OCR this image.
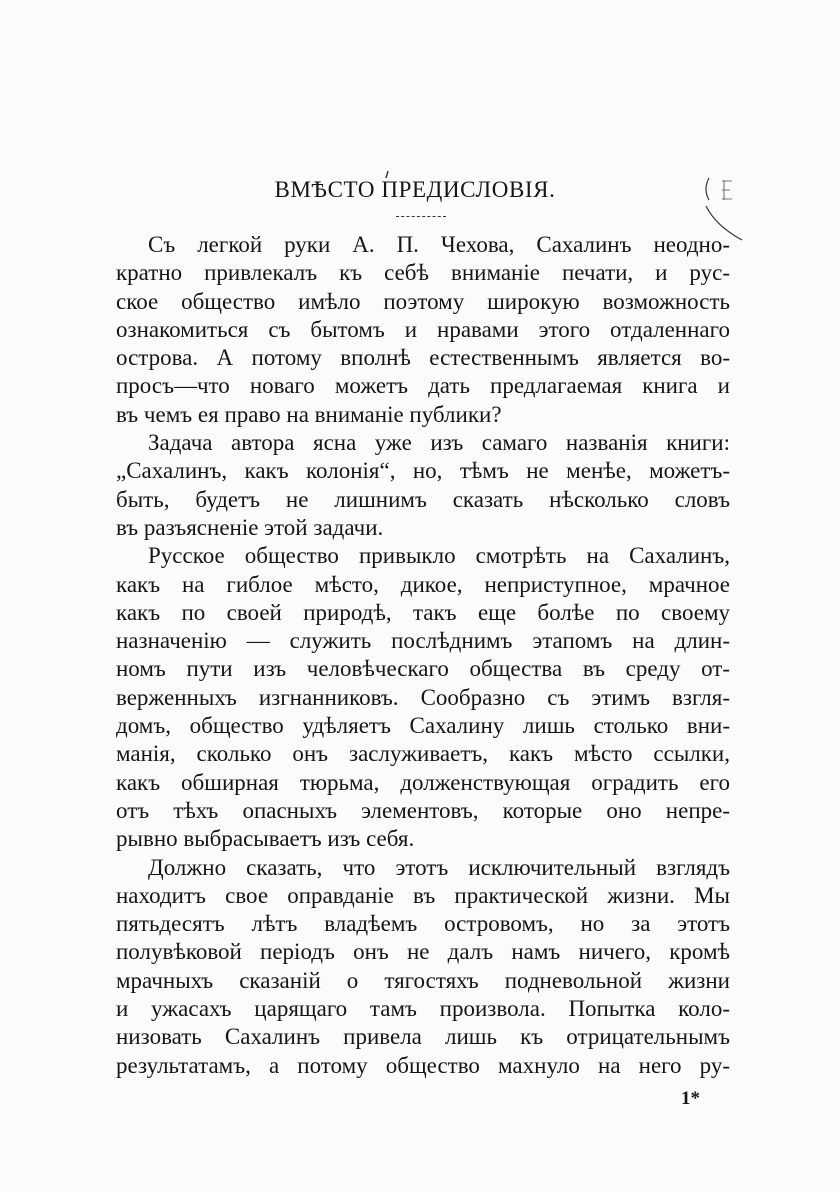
ВМѢСТО ПРЕДИСЛОВІЯ.
Съ легкой руки А. П. Чехова, Сахалинъ неодно-
кратно привлекалъ къ себѣ вниманіе печати, и рус-
ское общество имѣло поэтому широкую возможность
ознакомиться съ бытомъ и нравами этого отдаленнаго
острова. А потому вполнѣ естественнымъ является во-
просъ—что новаго можетъ дать предлагаемая книга и
въ чемъ ея право на вниманіе публики?
Задача автора ясна уже изъ самаго названія книги:
„Сахалинъ, какъ колонія“, но, тѣмъ не менѣе, можетъ-
быть, будетъ не лишнимъ сказать нѣсколько словъ
въ разъясненіе этой задачи.
Русское общество привыкло смотрѣть на Сахалинъ,
какъ на гиблое мѣсто, дикое, неприступное, мрачное
какъ по своей природѣ, такъ еще болѣе по своему
назначенію — служить послѣднимъ этапомъ на длин-
номъ пути изъ человѣческаго общества въ среду от-
верженныхъ изгнанниковъ. Сообразно съ этимъ взгля-
домъ, общество удѣляетъ Сахалину лишь столько вни-
манія, сколько онъ заслуживаетъ, какъ мѣсто ссылки,
какъ обширная тюрьма, долженствующая оградить его
отъ тѣхъ опасныхъ элементовъ, которые оно непре-
рывно выбрасываетъ изъ себя.
Должно сказать, что этотъ исключительный взглядъ
находитъ свое оправданіе въ практической жизни. Мы
пятьдесятъ лѣтъ владѣемъ островомъ, но за этотъ
полувѣковой періодъ онъ не далъ намъ ничего, кромѣ
мрачныхъ сказаній о тягостяхъ подневольной жизни
и ужасахъ царящаго тамъ произвола. Попытка коло-
низовать Сахалинъ привела лишь къ отрицательнымъ
результатамъ, а потому общество махнуло на него ру-
1*
